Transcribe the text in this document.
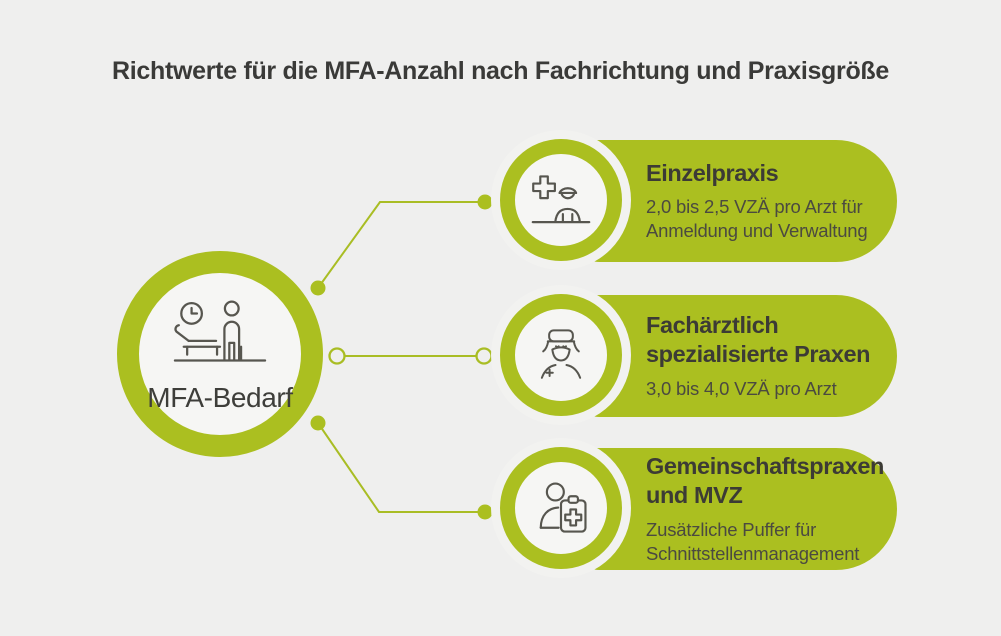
Richtwerte für die MFA-Anzahl nach Fachrichtung und Praxisgröße
MFA-Bedarf
Einzelpraxis
2,0 bis 2,5 VZÄ pro Arzt für Anmeldung und Verwaltung
Fachärztlich spezialisierte Praxen
3,0 bis 4,0 VZÄ pro Arzt
Gemeinschaftspraxen und MVZ
Zusätzliche Puffer für Schnittstellenmanagement
